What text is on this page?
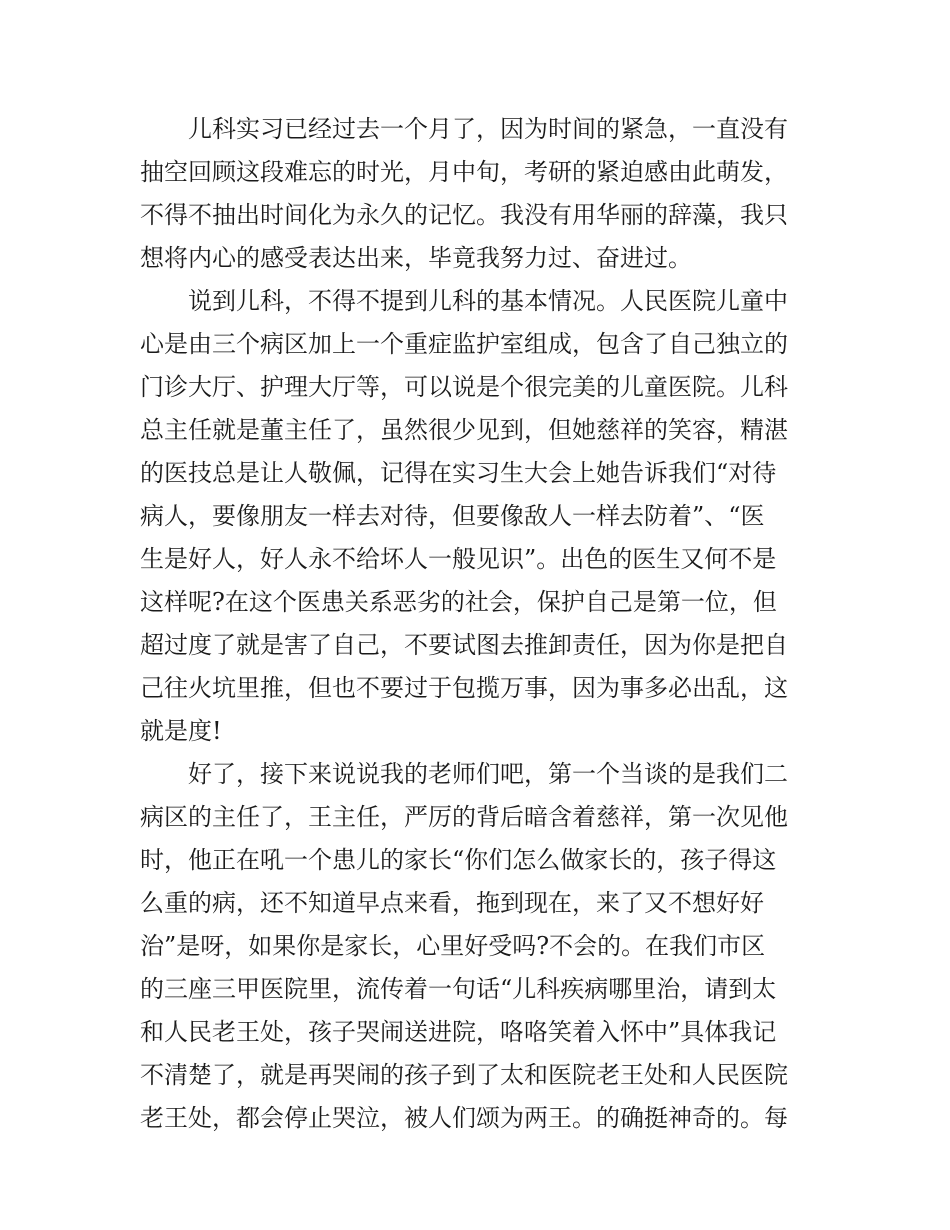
儿科实习已经过去一个月了，因为时间的紧急，一直没有
抽空回顾这段难忘的时光，月中旬，考研的紧迫感由此萌发，
不得不抽出时间化为永久的记忆。我没有用华丽的辞藻，我只
想将内心的感受表达出来，毕竟我努力过、奋进过。
说到儿科，不得不提到儿科的基本情况。人民医院儿童中
心是由三个病区加上一个重症监护室组成，包含了自己独立的
门诊大厅、护理大厅等，可以说是个很完美的儿童医院。儿科
总主任就是董主任了，虽然很少见到，但她慈祥的笑容，精湛
的医技总是让人敬佩，记得在实习生大会上她告诉我们“对待
病人，要像朋友一样去对待，但要像敌人一样去防着”、“医
生是好人，好人永不给坏人一般见识”。出色的医生又何不是
这样呢?在这个医患关系恶劣的社会，保护自己是第一位，但
超过度了就是害了自己，不要试图去推卸责任，因为你是把自
己往火坑里推，但也不要过于包揽万事，因为事多必出乱，这
就是度!
好了，接下来说说我的老师们吧，第一个当谈的是我们二
病区的主任了，王主任，严厉的背后暗含着慈祥，第一次见他
时，他正在吼一个患儿的家长“你们怎么做家长的，孩子得这
么重的病，还不知道早点来看，拖到现在，来了又不想好好
治”是呀，如果你是家长，心里好受吗?不会的。在我们市区
的三座三甲医院里，流传着一句话“儿科疾病哪里治，请到太
和人民老王处，孩子哭闹送进院，咯咯笑着入怀中”具体我记
不清楚了，就是再哭闹的孩子到了太和医院老王处和人民医院
老王处，都会停止哭泣，被人们颂为两王。的确挺神奇的。每
